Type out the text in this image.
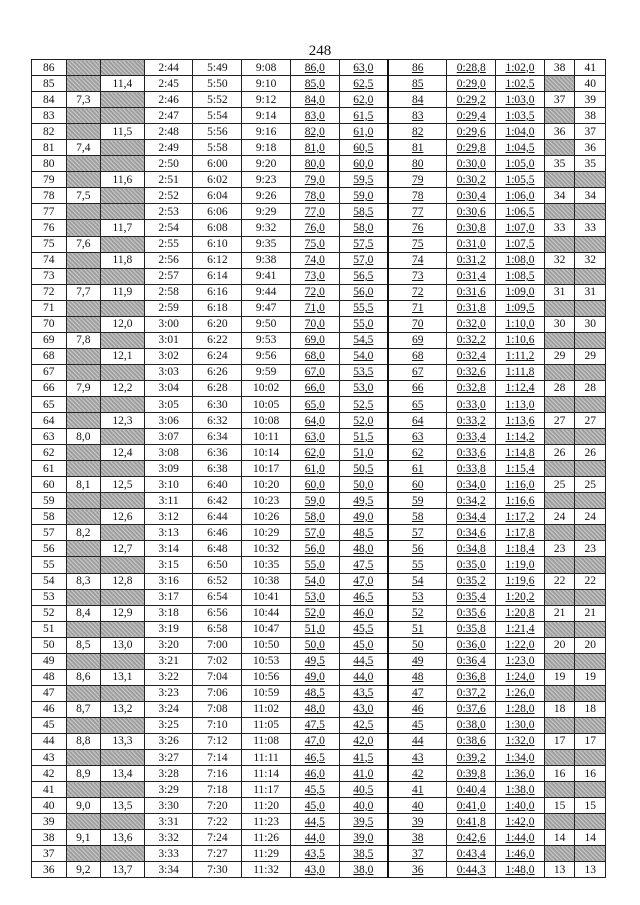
248
86			2:44	5:49	9:08	86,0	63,0	86	0:28,8	1:02,0	38	41
85		11,4	2:45	5:50	9:10	85,0	62,5	85	0:29,0	1:02,5		40
84	7,3		2:46	5:52	9:12	84,0	62,0	84	0:29,2	1:03,0	37	39
83			2:47	5:54	9:14	83,0	61,5	83	0:29,4	1:03,5		38
82		11,5	2:48	5:56	9:16	82,0	61,0	82	0:29,6	1:04,0	36	37
81	7,4		2:49	5:58	9:18	81,0	60,5	81	0:29,8	1:04,5		36
80			2:50	6:00	9:20	80,0	60,0	80	0:30,0	1:05,0	35	35
79		11,6	2:51	6:02	9:23	79,0	59,5	79	0:30,2	1:05,5		
78	7,5		2:52	6:04	9:26	78,0	59,0	78	0:30,4	1:06,0	34	34
77			2:53	6:06	9:29	77,0	58,5	77	0:30,6	1:06,5		
76		11,7	2:54	6:08	9:32	76,0	58,0	76	0:30,8	1:07,0	33	33
75	7,6		2:55	6:10	9:35	75,0	57,5	75	0:31,0	1:07,5		
74		11,8	2:56	6:12	9:38	74,0	57,0	74	0:31,2	1:08,0	32	32
73			2:57	6:14	9:41	73,0	56,5	73	0:31,4	1:08,5		
72	7,7	11,9	2:58	6:16	9:44	72,0	56,0	72	0:31,6	1:09,0	31	31
71			2:59	6:18	9:47	71,0	55,5	71	0:31,8	1:09,5		
70		12,0	3:00	6:20	9:50	70,0	55,0	70	0:32,0	1:10,0	30	30
69	7,8		3:01	6:22	9:53	69,0	54,5	69	0:32,2	1:10,6		
68		12,1	3:02	6:24	9:56	68,0	54,0	68	0:32,4	1:11,2	29	29
67			3:03	6:26	9:59	67,0	53,5	67	0:32,6	1:11,8		
66	7,9	12,2	3:04	6:28	10:02	66,0	53,0	66	0:32,8	1:12,4	28	28
65			3:05	6:30	10:05	65,0	52,5	65	0:33,0	1:13,0		
64		12,3	3:06	6:32	10:08	64,0	52,0	64	0:33,2	1:13,6	27	27
63	8,0		3:07	6:34	10:11	63,0	51,5	63	0:33,4	1:14,2		
62		12,4	3:08	6:36	10:14	62,0	51,0	62	0:33,6	1:14,8	26	26
61			3:09	6:38	10:17	61,0	50,5	61	0:33,8	1:15,4		
60	8,1	12,5	3:10	6:40	10:20	60,0	50,0	60	0:34,0	1:16,0	25	25
59			3:11	6:42	10:23	59,0	49,5	59	0:34,2	1:16,6		
58		12,6	3:12	6:44	10:26	58,0	49,0	58	0:34,4	1:17,2	24	24
57	8,2		3:13	6:46	10:29	57,0	48,5	57	0:34,6	1:17,8		
56		12,7	3:14	6:48	10:32	56,0	48,0	56	0:34,8	1:18,4	23	23
55			3:15	6:50	10:35	55,0	47,5	55	0:35,0	1:19,0		
54	8,3	12,8	3:16	6:52	10:38	54,0	47,0	54	0:35,2	1:19,6	22	22
53			3:17	6:54	10:41	53,0	46,5	53	0:35,4	1:20,2		
52	8,4	12,9	3:18	6:56	10:44	52,0	46,0	52	0:35,6	1:20,8	21	21
51			3:19	6:58	10:47	51,0	45,5	51	0:35,8	1:21,4		
50	8,5	13,0	3:20	7:00	10:50	50,0	45,0	50	0:36,0	1:22,0	20	20
49			3:21	7:02	10:53	49,5	44,5	49	0:36,4	1:23,0		
48	8,6	13,1	3:22	7:04	10:56	49,0	44,0	48	0:36,8	1:24,0	19	19
47			3:23	7:06	10:59	48,5	43,5	47	0:37,2	1:26,0		
46	8,7	13,2	3:24	7:08	11:02	48,0	43,0	46	0:37,6	1:28,0	18	18
45			3:25	7:10	11:05	47,5	42,5	45	0:38,0	1:30,0		
44	8,8	13,3	3:26	7:12	11:08	47,0	42,0	44	0:38,6	1:32,0	17	17
43			3:27	7:14	11:11	46,5	41,5	43	0:39,2	1:34,0		
42	8,9	13,4	3:28	7:16	11:14	46,0	41,0	42	0:39,8	1:36,0	16	16
41			3:29	7:18	11:17	45,5	40,5	41	0:40,4	1:38,0		
40	9,0	13,5	3:30	7:20	11:20	45,0	40,0	40	0:41,0	1:40,0	15	15
39			3:31	7:22	11:23	44,5	39,5	39	0:41,8	1:42,0		
38	9,1	13,6	3:32	7:24	11:26	44,0	39,0	38	0:42,6	1:44,0	14	14
37			3:33	7:27	11:29	43,5	38,5	37	0:43,4	1:46,0		
36	9,2	13,7	3:34	7:30	11:32	43,0	38,0	36	0:44,3	1:48,0	13	13
